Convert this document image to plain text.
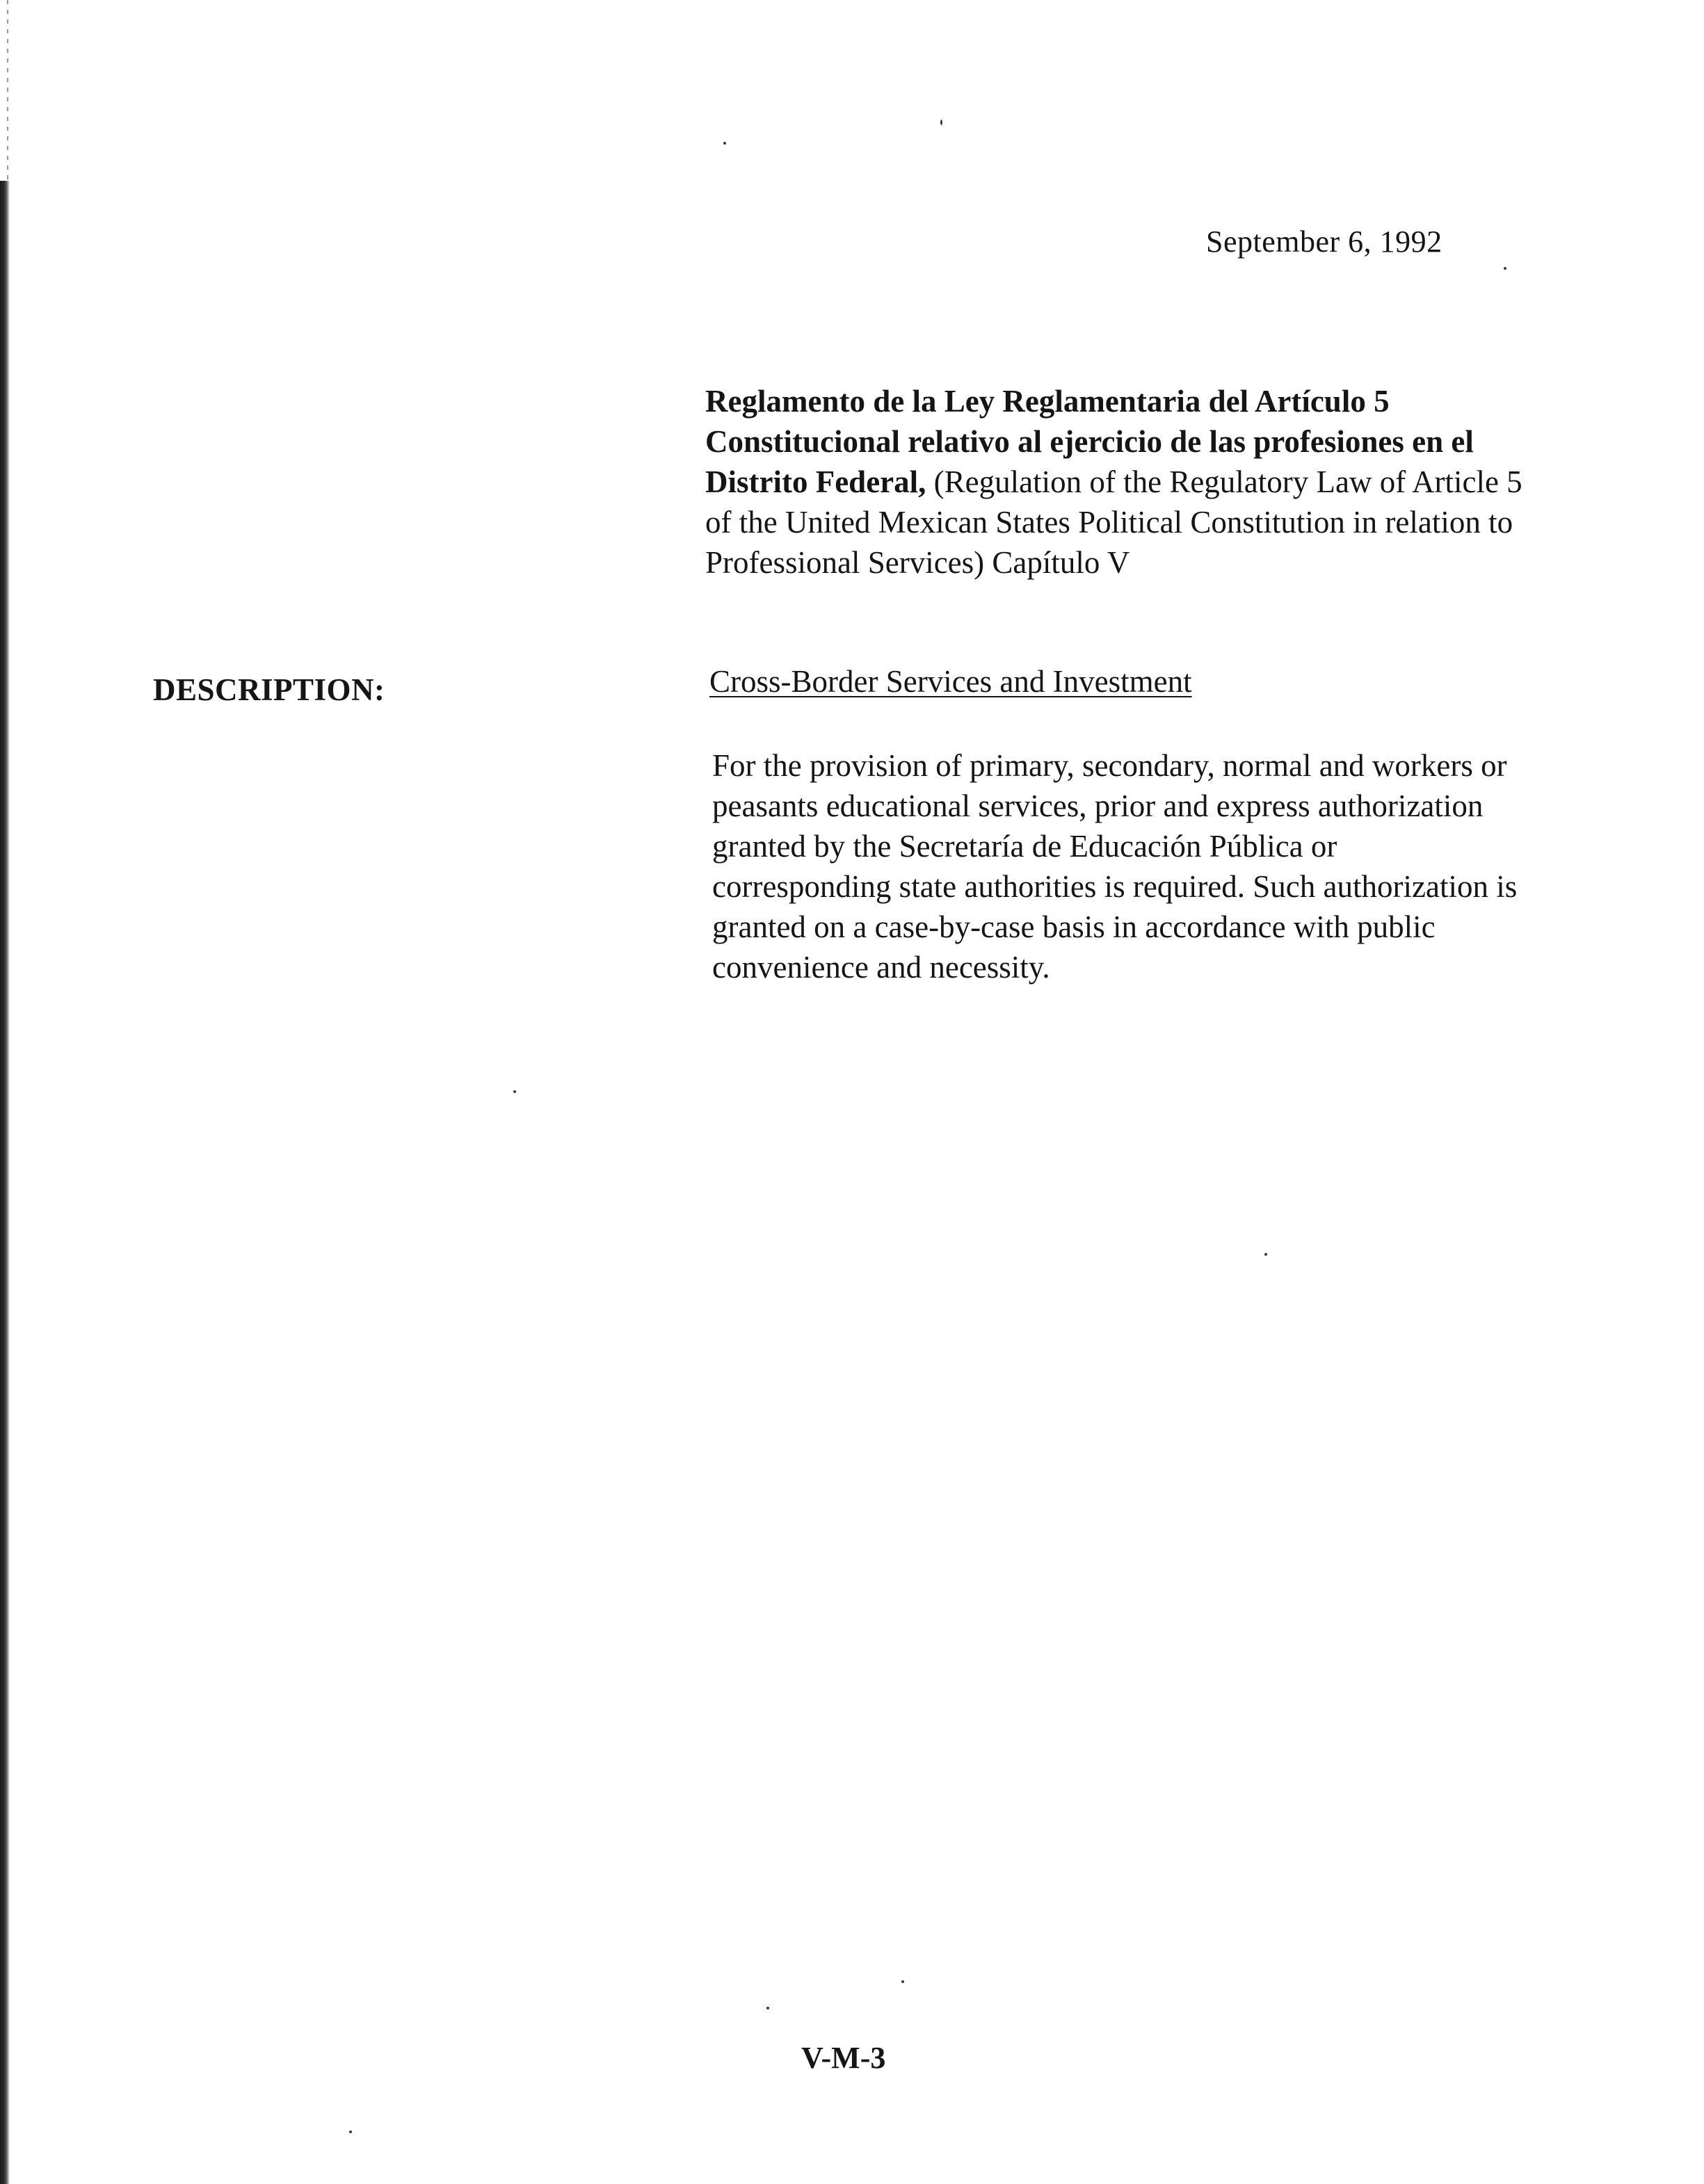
September 6, 1992
Reglamento de la Ley Reglamentaria del Artículo 5 Constitucional relativo al ejercicio de las profesiones en el Distrito Federal, (Regulation of the Regulatory Law of Article 5 of the United Mexican States Political Constitution in relation to Professional Services) Capítulo V
DESCRIPTION:	Cross-Border Services and Investment
For the provision of primary, secondary, normal and workers or peasants educational services, prior and express authorization granted by the Secretaría de Educación Pública or corresponding state authorities is required. Such authorization is granted on a case-by-case basis in accordance with public convenience and necessity.
V-M-3
